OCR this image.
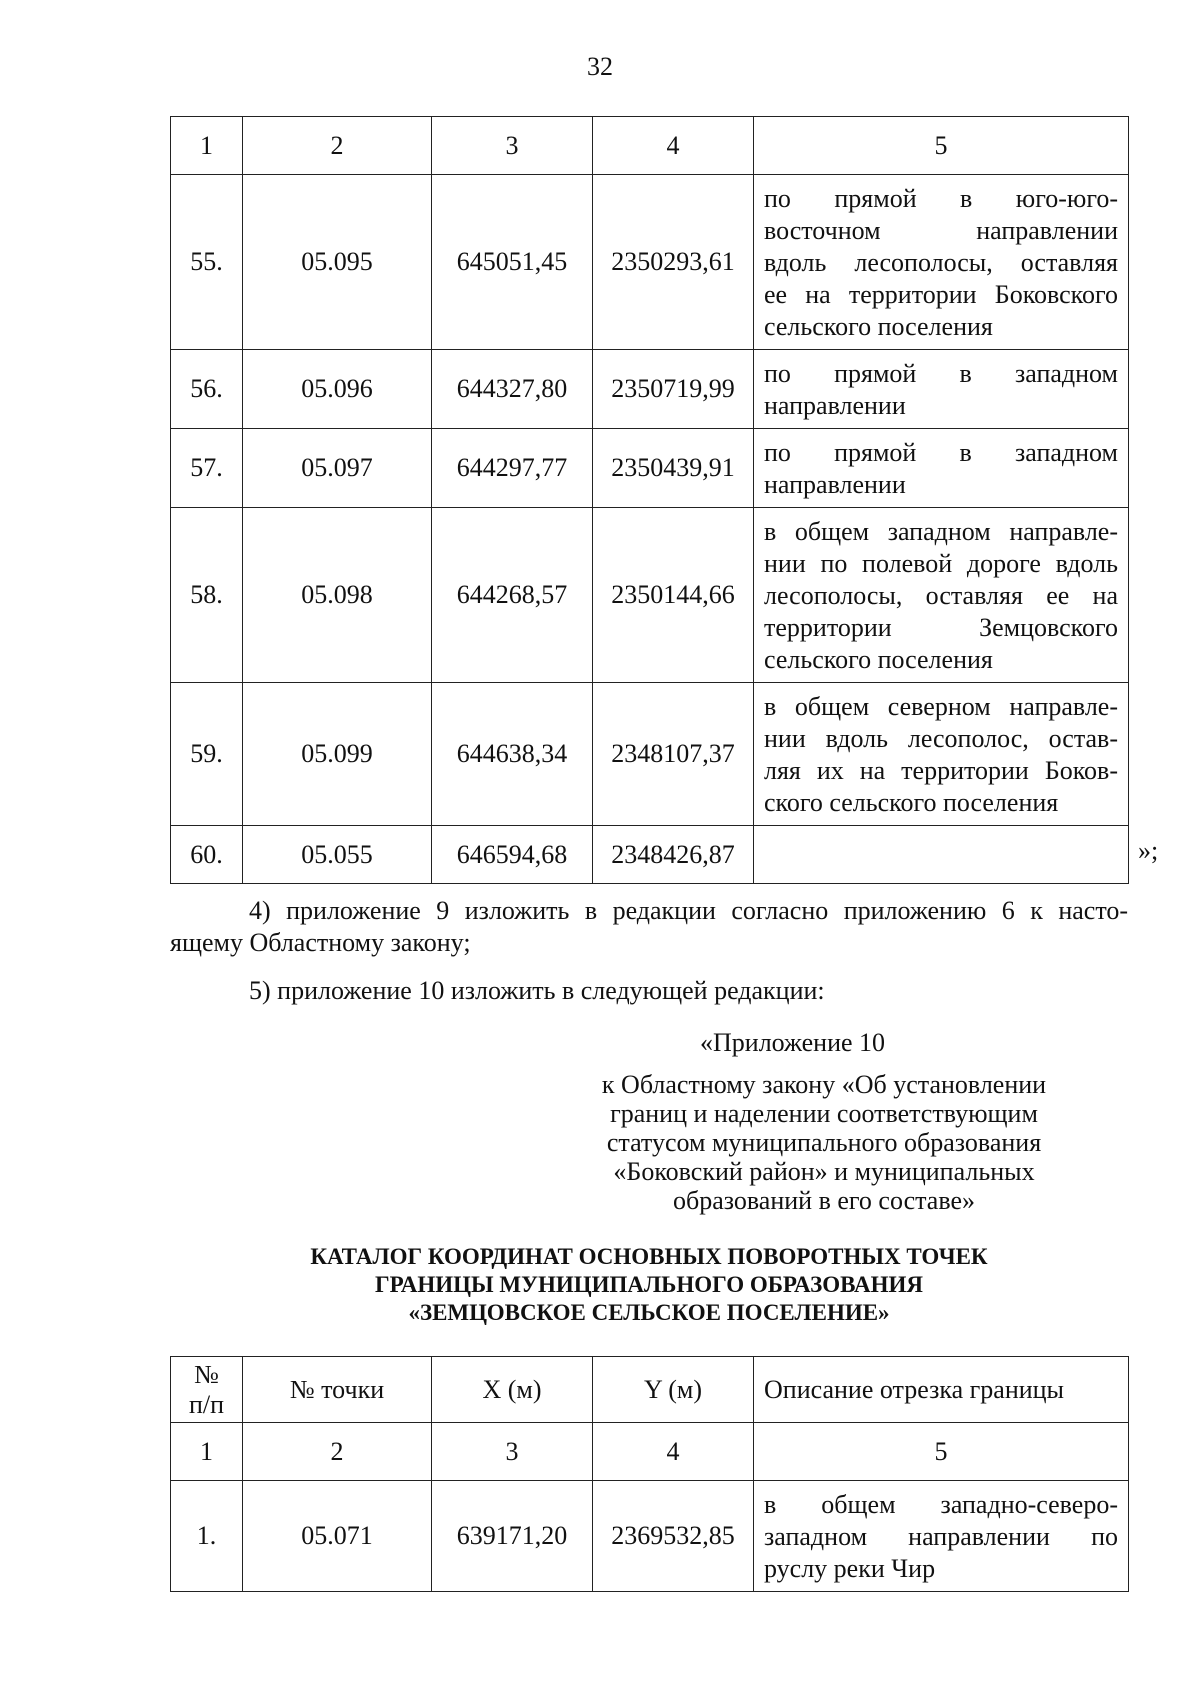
32
1	2	3	4	5
55.	05.095	645051,45	2350293,61	по прямой в юго-юго-
восточном направлении
вдоль лесополосы, оставляя
ее на территории Боковского
сельского поселения

56.	05.096	644327,80	2350719,99	по прямой в западном
направлении

57.	05.097	644297,77	2350439,91	по прямой в западном
направлении

58.	05.098	644268,57	2350144,66	в общем западном направле-
нии по полевой дороге вдоль
лесополосы, оставляя ее на
территории Земцовского
сельского поселения

59.	05.099	644638,34	2348107,37	в общем северном направле-
нии вдоль лесополос, остав-
ляя их на территории Боков-
ского сельского поселения

60.	05.055	646594,68	2348426,87		»;
4) приложение 9 изложить в редакции согласно приложению 6 к насто-
ящему Областному закону;
5) приложение 10 изложить в следующей редакции:
«Приложение 10
к Областному закону «Об установлении
границ и наделении соответствующим
статусом муниципального образования
«Боковский район» и муниципальных
образований в его составе»
КАТАЛОГ КООРДИНАТ ОСНОВНЫХ ПОВОРОТНЫХ ТОЧЕК
ГРАНИЦЫ МУНИЦИПАЛЬНОГО ОБРАЗОВАНИЯ
«ЗЕМЦОВСКОЕ СЕЛЬСКОЕ ПОСЕЛЕНИЕ»
№
п/п	№ точки	X (м)	Y (м)	Описание отрезка границы
1	2	3	4	5
1.	05.071	639171,20	2369532,85	в общем западно-северо-
западном направлении по
руслу реки Чир
